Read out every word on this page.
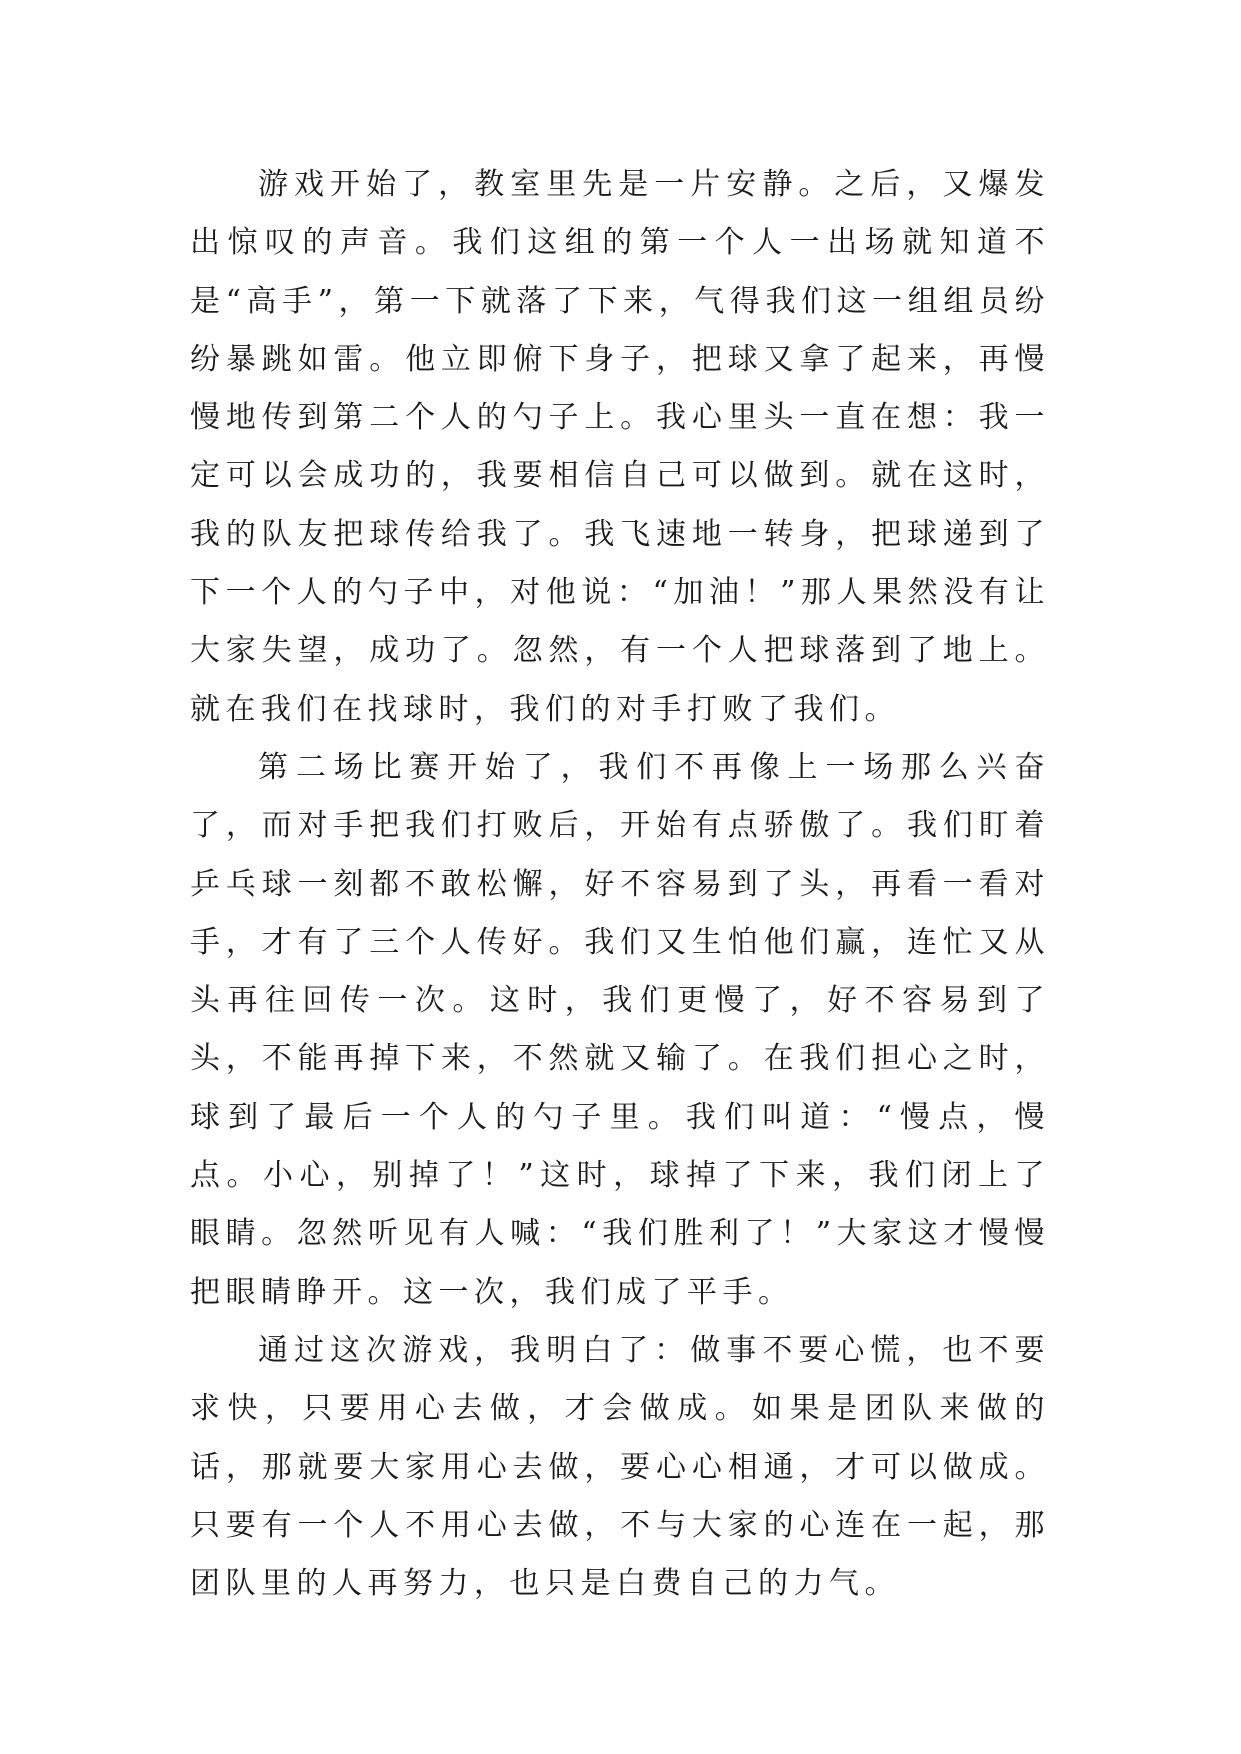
游戏开始了，教室里先是一片安静。之后，又爆发出惊叹的声音。我们这组的第一个人一出场就知道不是“高手”，第一下就落了下来，气得我们这一组组员纷纷暴跳如雷。他立即俯下身子，把球又拿了起来，再慢慢地传到第二个人的勺子上。我心里头一直在想：我一定可以会成功的，我要相信自己可以做到。就在这时，我的队友把球传给我了。我飞速地一转身，把球递到了下一个人的勺子中，对他说：“加油！”那人果然没有让大家失望，成功了。忽然，有一个人把球落到了地上。就在我们在找球时，我们的对手打败了我们。

第二场比赛开始了，我们不再像上一场那么兴奋了，而对手把我们打败后，开始有点骄傲了。我们盯着乒乓球一刻都不敢松懈，好不容易到了头，再看一看对手，才有了三个人传好。我们又生怕他们赢，连忙又从头再往回传一次。这时，我们更慢了，好不容易到了头，不能再掉下来，不然就又输了。在我们担心之时，球到了最后一个人的勺子里。我们叫道：“慢点，慢点。小心，别掉了！”这时，球掉了下来，我们闭上了眼睛。忽然听见有人喊：“我们胜利了！”大家这才慢慢把眼睛睁开。这一次，我们成了平手。

通过这次游戏，我明白了：做事不要心慌，也不要求快，只要用心去做，才会做成。如果是团队来做的话，那就要大家用心去做，要心心相通，才可以做成。只要有一个人不用心去做，不与大家的心连在一起，那团队里的人再努力，也只是白费自己的力气。
